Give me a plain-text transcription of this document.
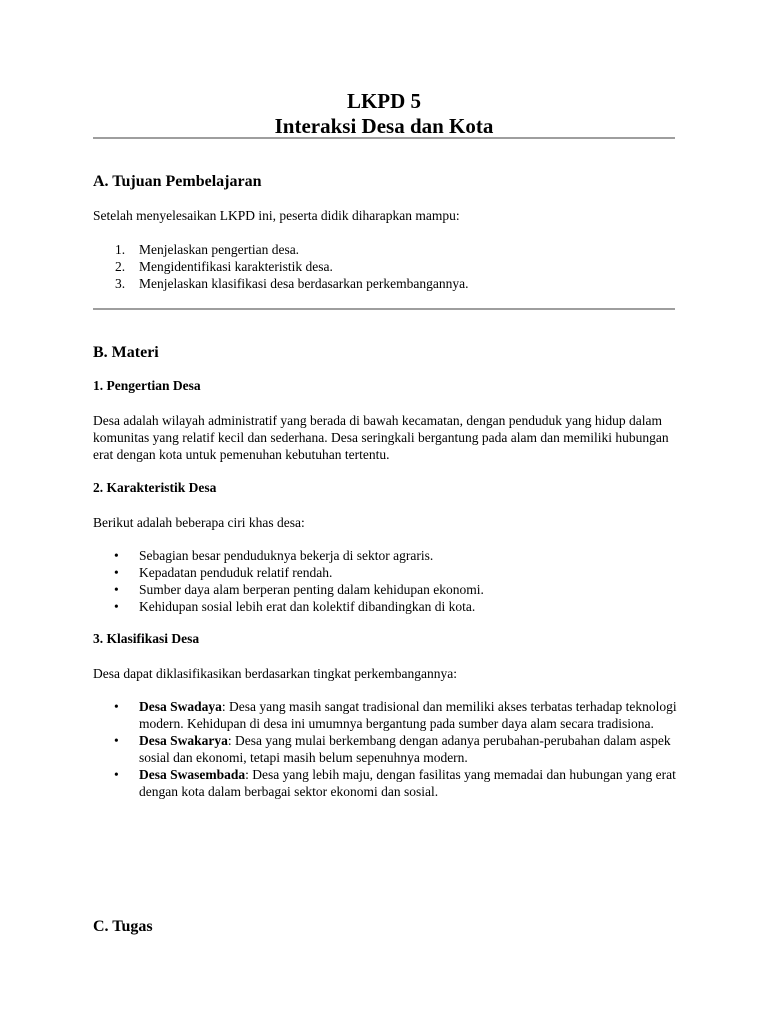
LKPD 5
Interaksi Desa dan Kota
A. Tujuan Pembelajaran
Setelah menyelesaikan LKPD ini, peserta didik diharapkan mampu:
1. Menjelaskan pengertian desa.
2. Mengidentifikasi karakteristik desa.
3. Menjelaskan klasifikasi desa berdasarkan perkembangannya.
B. Materi
1. Pengertian Desa
Desa adalah wilayah administratif yang berada di bawah kecamatan, dengan penduduk yang hidup dalam komunitas yang relatif kecil dan sederhana. Desa seringkali bergantung pada alam dan memiliki hubungan erat dengan kota untuk pemenuhan kebutuhan tertentu.
2. Karakteristik Desa
Berikut adalah beberapa ciri khas desa:
• Sebagian besar penduduknya bekerja di sektor agraris.
• Kepadatan penduduk relatif rendah.
• Sumber daya alam berperan penting dalam kehidupan ekonomi.
• Kehidupan sosial lebih erat dan kolektif dibandingkan di kota.
3. Klasifikasi Desa
Desa dapat diklasifikasikan berdasarkan tingkat perkembangannya:
• Desa Swadaya: Desa yang masih sangat tradisional dan memiliki akses terbatas terhadap teknologi modern. Kehidupan di desa ini umumnya bergantung pada sumber daya alam secara tradisiona.
• Desa Swakarya: Desa yang mulai berkembang dengan adanya perubahan-perubahan dalam aspek sosial dan ekonomi, tetapi masih belum sepenuhnya modern.
• Desa Swasembada: Desa yang lebih maju, dengan fasilitas yang memadai dan hubungan yang erat dengan kota dalam berbagai sektor ekonomi dan sosial.
C. Tugas
